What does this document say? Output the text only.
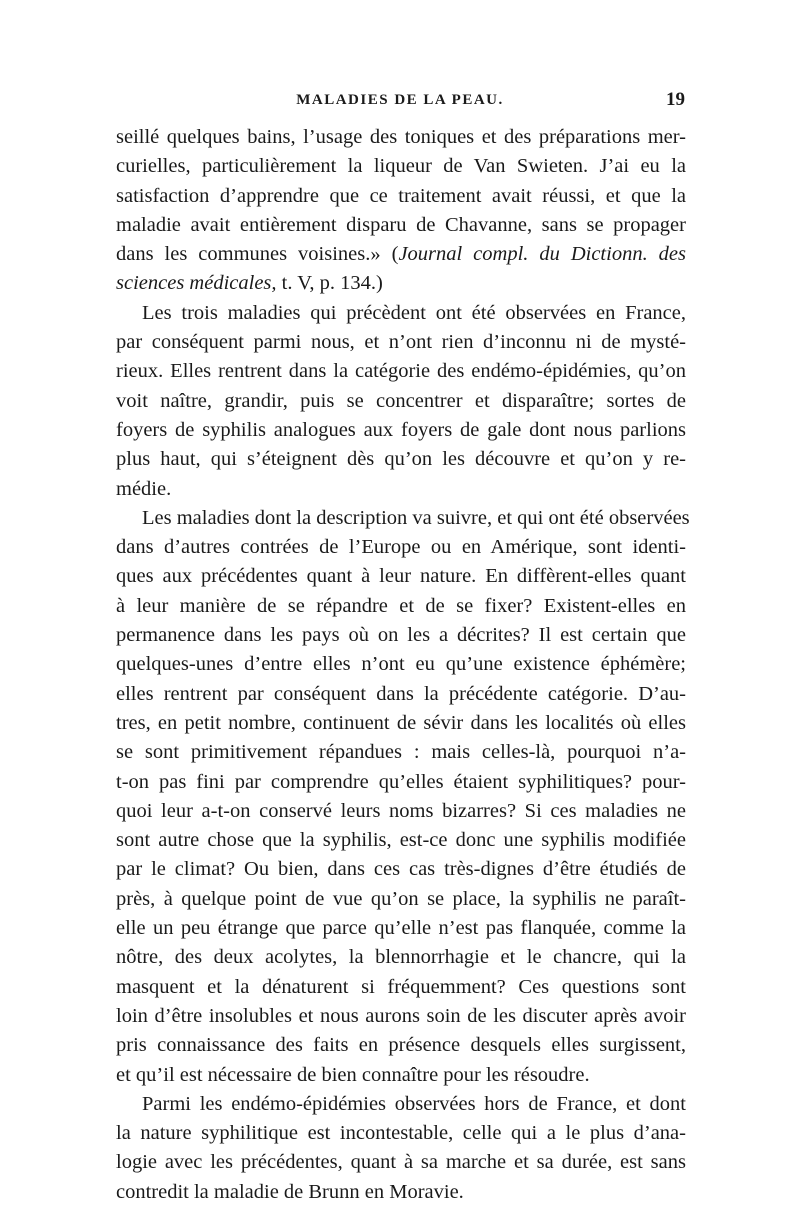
MALADIES DE LA PEAU.	19
seillé quelques bains, l’usage des toniques et des préparations mer-
curielles, particulièrement la liqueur de Van Swieten. J’ai eu la
satisfaction d’apprendre que ce traitement avait réussi, et que la
maladie avait entièrement disparu de Chavanne, sans se propager
dans les communes voisines.» (Journal compl. du Dictionn. des
sciences médicales, t. V, p. 134.)
Les trois maladies qui précèdent ont été observées en France,
par conséquent parmi nous, et n’ont rien d’inconnu ni de mysté-
rieux. Elles rentrent dans la catégorie des endémo-épidémies, qu’on
voit naître, grandir, puis se concentrer et disparaître; sortes de
foyers de syphilis analogues aux foyers de gale dont nous parlions
plus haut, qui s’éteignent dès qu’on les découvre et qu’on y re-
médie.
Les maladies dont la description va suivre, et qui ont été observées
dans d’autres contrées de l’Europe ou en Amérique, sont identi-
ques aux précédentes quant à leur nature. En diffèrent-elles quant
à leur manière de se répandre et de se fixer? Existent-elles en
permanence dans les pays où on les a décrites? Il est certain que
quelques-unes d’entre elles n’ont eu qu’une existence éphémère;
elles rentrent par conséquent dans la précédente catégorie. D’au-
tres, en petit nombre, continuent de sévir dans les localités où elles
se sont primitivement répandues : mais celles-là, pourquoi n’a-
t-on pas fini par comprendre qu’elles étaient syphilitiques? pour-
quoi leur a-t-on conservé leurs noms bizarres? Si ces maladies ne
sont autre chose que la syphilis, est-ce donc une syphilis modifiée
par le climat? Ou bien, dans ces cas très-dignes d’être étudiés de
près, à quelque point de vue qu’on se place, la syphilis ne paraît-
elle un peu étrange que parce qu’elle n’est pas flanquée, comme la
nôtre, des deux acolytes, la blennorrhagie et le chancre, qui la
masquent et la dénaturent si fréquemment? Ces questions sont
loin d’être insolubles et nous aurons soin de les discuter après avoir
pris connaissance des faits en présence desquels elles surgissent,
et qu’il est nécessaire de bien connaître pour les résoudre.
Parmi les endémo-épidémies observées hors de France, et dont
la nature syphilitique est incontestable, celle qui a le plus d’ana-
logie avec les précédentes, quant à sa marche et sa durée, est sans
contredit la maladie de Brunn en Moravie.
